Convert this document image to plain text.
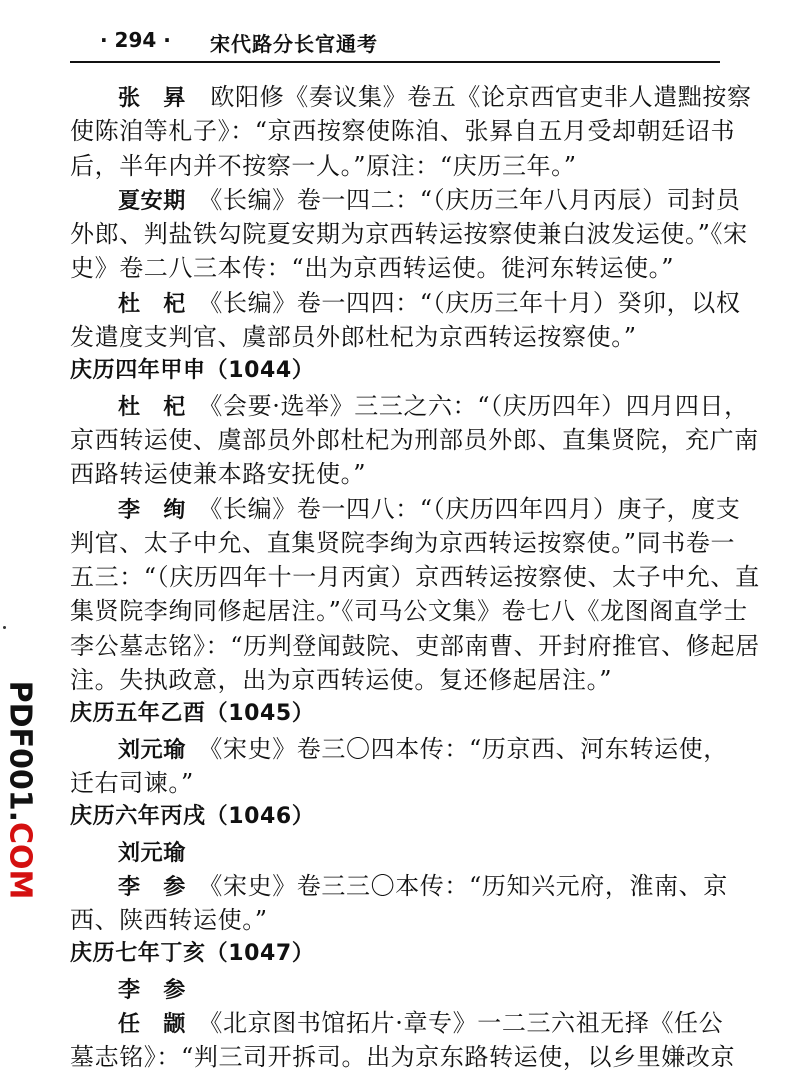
· 294 · 宋代路分长官通考
张　昪　欧阳修《奏议集》卷五《论京西官吏非人遣黜按察
使陈洎等札子》：“京西按察使陈洎、张昪自五月受却朝廷诏书
后，半年内并不按察一人。”原注：“庆历三年。”
夏安期　《长编》卷一四二：“（庆历三年八月丙辰）司封员
外郎、判盐铁勾院夏安期为京西转运按察使兼白波发运使。”《宋
史》卷二八三本传：“出为京西转运使。徙河东转运使。”
杜　杞　《长编》卷一四四：“（庆历三年十月）癸卯，以权
发遣度支判官、虞部员外郎杜杞为京西转运按察使。”
庆历四年甲申（1044）
杜　杞　《会要·选举》三三之六：“（庆历四年）四月四日，
京西转运使、虞部员外郎杜杞为刑部员外郎、直集贤院，充广南
西路转运使兼本路安抚使。”
李　绚　《长编》卷一四八：“（庆历四年四月）庚子，度支
判官、太子中允、直集贤院李绚为京西转运按察使。”同书卷一
五三：“（庆历四年十一月丙寅）京西转运按察使、太子中允、直
集贤院李绚同修起居注。”《司马公文集》卷七八《龙图阁直学士
李公墓志铭》：“历判登闻鼓院、吏部南曹、开封府推官、修起居
注。失执政意，出为京西转运使。复还修起居注。”
庆历五年乙酉（1045）
刘元瑜　《宋史》卷三〇四本传：“历京西、河东转运使，
迁右司谏。”
庆历六年丙戌（1046）
刘元瑜
李　参　《宋史》卷三三〇本传：“历知兴元府，淮南、京
西、陕西转运使。”
庆历七年丁亥（1047）
李　参
任　颛　《北京图书馆拓片·章专》一二三六祖无择《任公
墓志铭》：“判三司开拆司。出为京东路转运使，以乡里嫌改京
PDF001.COM
